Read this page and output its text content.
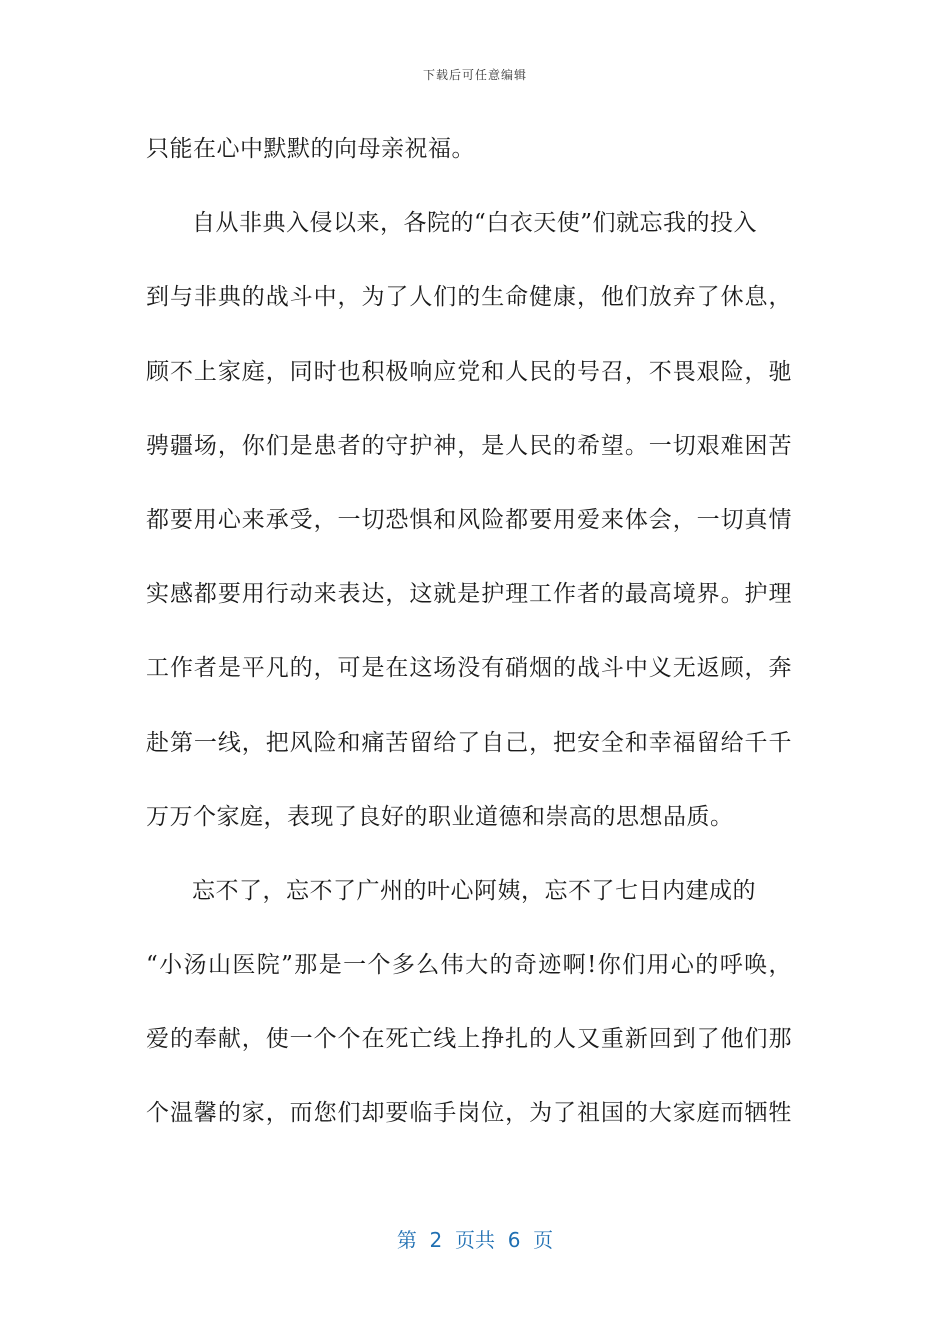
下载后可任意编辑
只能在心中默默的向母亲祝福。
自从非典入侵以来，各院的“白衣天使”们就忘我的投入
到与非典的战斗中，为了人们的生命健康，他们放弃了休息，
顾不上家庭，同时也积极响应党和人民的号召，不畏艰险，驰
骋疆场，你们是患者的守护神，是人民的希望。一切艰难困苦
都要用心来承受，一切恐惧和风险都要用爱来体会，一切真情
实感都要用行动来表达，这就是护理工作者的最高境界。护理
工作者是平凡的，可是在这场没有硝烟的战斗中义无返顾，奔
赴第一线，把风险和痛苦留给了自己，把安全和幸福留给千千
万万个家庭，表现了良好的职业道德和崇高的思想品质。
忘不了，忘不了广州的叶心阿姨，忘不了七日内建成的
“小汤山医院”那是一个多么伟大的奇迹啊!你们用心的呼唤，
爱的奉献，使一个个在死亡线上挣扎的人又重新回到了他们那
个温馨的家，而您们却要临手岗位，为了祖国的大家庭而牺牲
第  2  页共  6  页
